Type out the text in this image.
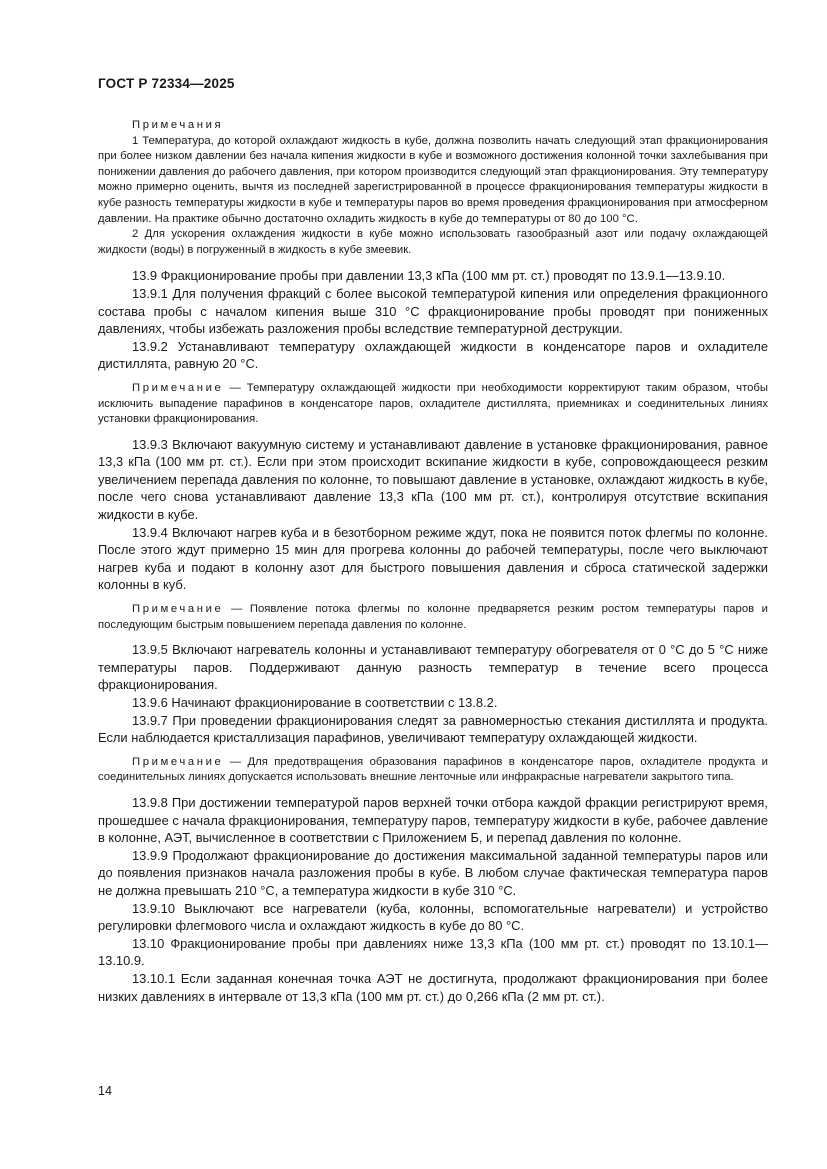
ГОСТ Р 72334—2025

Примечания

1 Температура, до которой охлаждают жидкость в кубе, должна позволить начать следующий этап фракционирования при более низком давлении без начала кипения жидкости в кубе и возможного достижения колонной точки захлебывания при понижении давления до рабочего давления, при котором производится следующий этап фракционирования. Эту температуру можно примерно оценить, вычтя из последней зарегистрированной в процессе фракционирования температуры жидкости в кубе разность температуры жидкости в кубе и температуры паров во время проведения фракционирования при атмосферном давлении. На практике обычно достаточно охладить жидкость в кубе до температуры от 80 до 100 °С.

2 Для ускорения охлаждения жидкости в кубе можно использовать газообразный азот или подачу охлаждающей жидкости (воды) в погруженный в жидкость в кубе змеевик.

13.9 Фракционирование пробы при давлении 13,3 кПа (100 мм рт. ст.) проводят по 13.9.1—13.9.10.

13.9.1 Для получения фракций с более высокой температурой кипения или определения фракционного состава пробы с началом кипения выше 310 °С фракционирование пробы проводят при пониженных давлениях, чтобы избежать разложения пробы вследствие температурной деструкции.

13.9.2 Устанавливают температуру охлаждающей жидкости в конденсаторе паров и охладителе дистиллята, равную 20 °С.

Примечание — Температуру охлаждающей жидкости при необходимости корректируют таким образом, чтобы исключить выпадение парафинов в конденсаторе паров, охладителе дистиллята, приемниках и соединительных линиях установки фракционирования.

13.9.3 Включают вакуумную систему и устанавливают давление в установке фракционирования, равное 13,3 кПа (100 мм рт. ст.). Если при этом происходит вскипание жидкости в кубе, сопровождающееся резким увеличением перепада давления по колонне, то повышают давление в установке, охлаждают жидкость в кубе, после чего снова устанавливают давление 13,3 кПа (100 мм рт. ст.), контролируя отсутствие вскипания жидкости в кубе.

13.9.4 Включают нагрев куба и в безотборном режиме ждут, пока не появится поток флегмы по колонне. После этого ждут примерно 15 мин для прогрева колонны до рабочей температуры, после чего выключают нагрев куба и подают в колонну азот для быстрого повышения давления и сброса статической задержки колонны в куб.

Примечание — Появление потока флегмы по колонне предваряется резким ростом температуры паров и последующим быстрым повышением перепада давления по колонне.

13.9.5 Включают нагреватель колонны и устанавливают температуру обогревателя от 0 °С до 5 °С ниже температуры паров. Поддерживают данную разность температур в течение всего процесса фракционирования.

13.9.6 Начинают фракционирование в соответствии с 13.8.2.

13.9.7 При проведении фракционирования следят за равномерностью стекания дистиллята и продукта. Если наблюдается кристаллизация парафинов, увеличивают температуру охлаждающей жидкости.

Примечание — Для предотвращения образования парафинов в конденсаторе паров, охладителе продукта и соединительных линиях допускается использовать внешние ленточные или инфракрасные нагреватели закрытого типа.

13.9.8 При достижении температурой паров верхней точки отбора каждой фракции регистрируют время, прошедшее с начала фракционирования, температуру паров, температуру жидкости в кубе, рабочее давление в колонне, АЭТ, вычисленное в соответствии с Приложением Б, и перепад давления по колонне.

13.9.9 Продолжают фракционирование до достижения максимальной заданной температуры паров или до появления признаков начала разложения пробы в кубе. В любом случае фактическая температура паров не должна превышать 210 °С, а температура жидкости в кубе 310 °С.

13.9.10 Выключают все нагреватели (куба, колонны, вспомогательные нагреватели) и устройство регулировки флегмового числа и охлаждают жидкость в кубе до 80 °С.

13.10 Фракционирование пробы при давлениях ниже 13,3 кПа (100 мм рт. ст.) проводят по 13.10.1—13.10.9.

13.10.1 Если заданная конечная точка АЭТ не достигнута, продолжают фракционирования при более низких давлениях в интервале от 13,3 кПа (100 мм рт. ст.) до 0,266 кПа (2 мм рт. ст.).

14
